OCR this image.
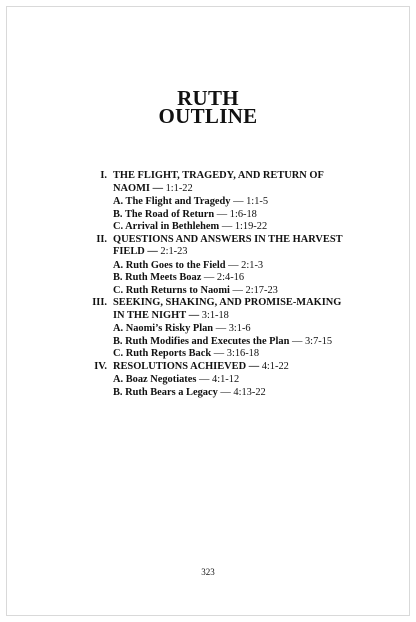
RUTH
OUTLINE
I. THE FLIGHT, TRAGEDY, AND RETURN OF NAOMI — 1:1-22
A. The Flight and Tragedy — 1:1-5
B. The Road of Return — 1:6-18
C. Arrival in Bethlehem — 1:19-22
II. QUESTIONS AND ANSWERS IN THE HARVEST FIELD — 2:1-23
A. Ruth Goes to the Field — 2:1-3
B. Ruth Meets Boaz — 2:4-16
C. Ruth Returns to Naomi — 2:17-23
III. SEEKING, SHAKING, AND PROMISE-MAKING IN THE NIGHT — 3:1-18
A. Naomi’s Risky Plan — 3:1-6
B. Ruth Modifies and Executes the Plan — 3:7-15
C. Ruth Reports Back — 3:16-18
IV. RESOLUTIONS ACHIEVED — 4:1-22
A. Boaz Negotiates — 4:1-12
B. Ruth Bears a Legacy — 4:13-22
323
